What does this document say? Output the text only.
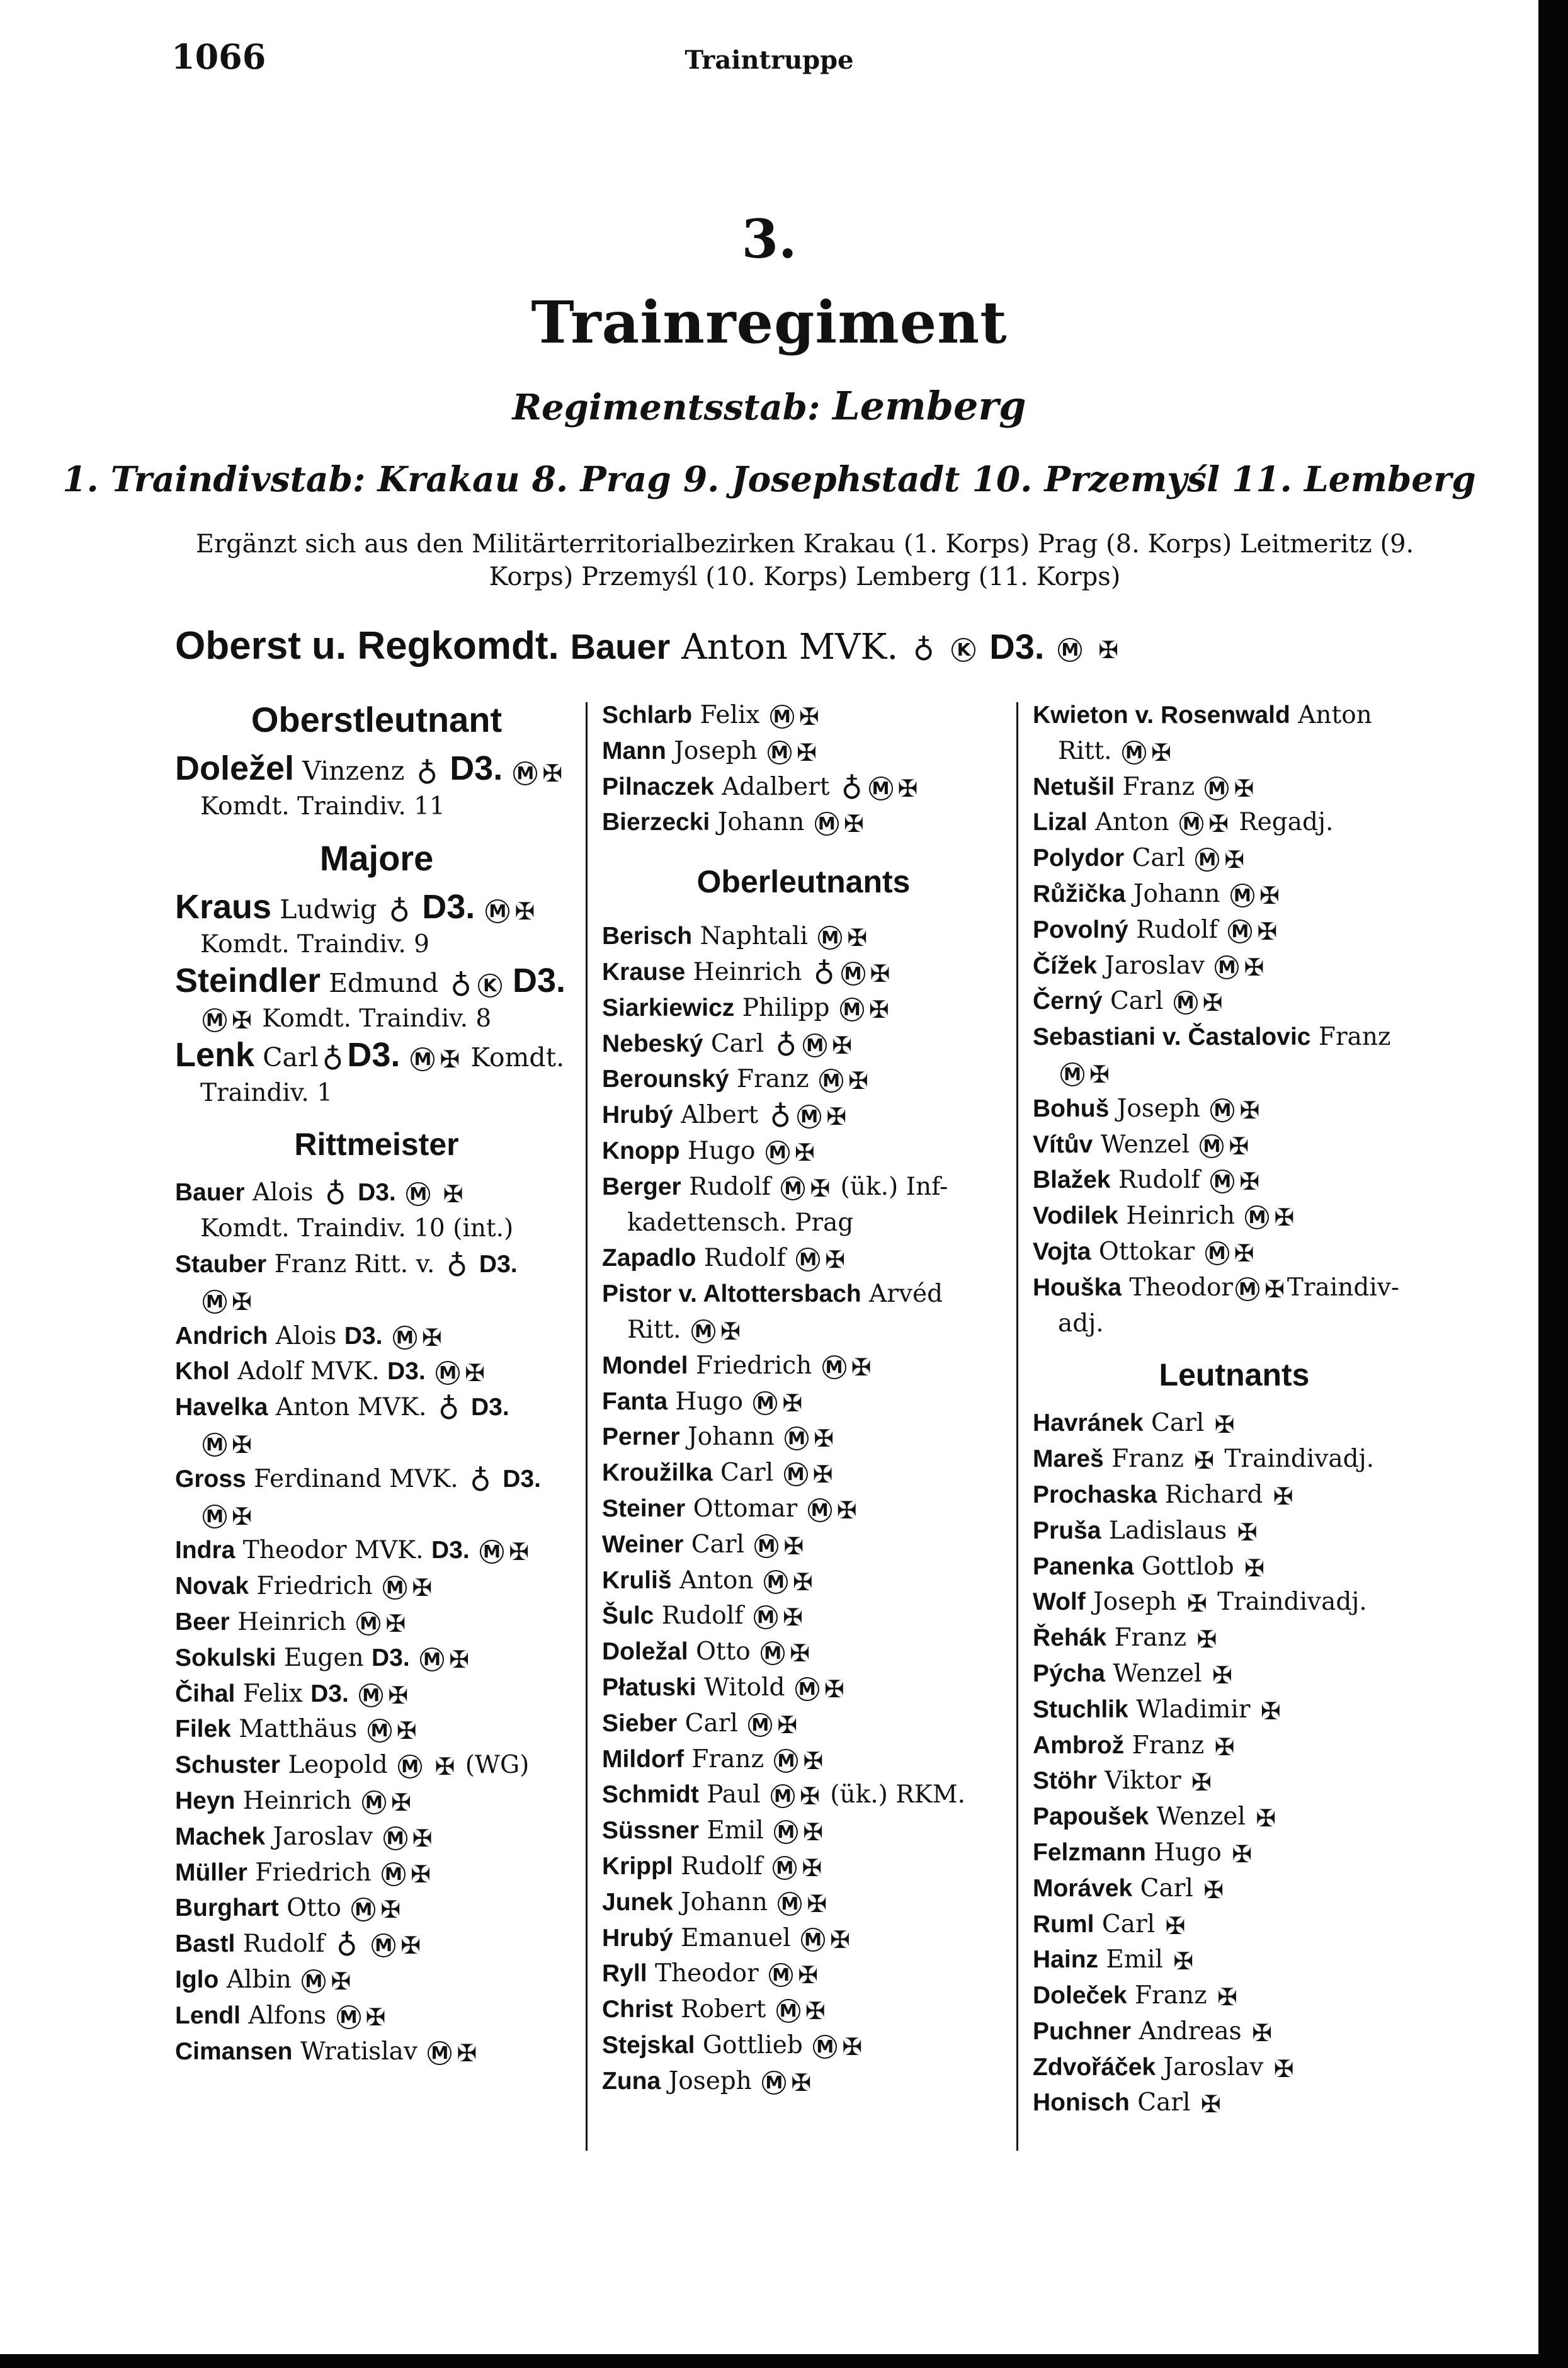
1066	Traintruppe
3.
Trainregiment
Regimentsstab: Lemberg
1. Traindivstab: Krakau 8. Prag 9. Josephstadt 10. Przemyśl 11. Lemberg
Ergänzt sich aus den Militärterritorialbezirken Krakau (1. Korps) Prag (8. Korps) Leitmeritz (9. Korps) Przemyśl (10. Korps) Lemberg (11. Korps)
Oberst u. Regkomdt. Bauer Anton MVK. ♁ K D3. M ✠
Oberstleutnant
Doležel Vinzenz ♁ D3. M ✠
Komdt. Traindiv. 11
Majore
Kraus Ludwig ♁ D3. M ✠
Komdt. Traindiv. 9
Steindler Edmund ♁ K D3.
M ✠ Komdt. Traindiv. 8
Lenk Carl ♁ D3. M ✠ Komdt.
Traindiv. 1
Rittmeister
Bauer Alois ♁ D3. M ✠
Komdt. Traindiv. 10 (int.)
Stauber Franz Ritt. v. ♁ D3.
M ✠
Andrich Alois D3. M ✠
Khol Adolf MVK. D3. M ✠
Havelka Anton MVK. ♁ D3.
M ✠
Gross Ferdinand MVK. ♁ D3.
M ✠
Indra Theodor MVK. D3. M ✠
Novak Friedrich M ✠
Beer Heinrich M ✠
Sokulski Eugen D3. M ✠
Čihal Felix D3. M ✠
Filek Matthäus M ✠
Schuster Leopold M ✠ (WG)
Heyn Heinrich M ✠
Machek Jaroslav M ✠
Müller Friedrich M ✠
Burghart Otto M ✠
Bastl Rudolf ♁ M ✠
Iglo Albin M ✠
Lendl Alfons M ✠
Cimansen Wratislav M ✠
Schlarb Felix M ✠
Mann Joseph M ✠
Pilnaczek Adalbert ♁ M ✠
Bierzecki Johann M ✠
Oberleutnants
Berisch Naphtali M ✠
Krause Heinrich ♁ M ✠
Siarkiewicz Philipp M ✠
Nebeský Carl ♁ M ✠
Berounský Franz M ✠
Hrubý Albert ♁ M ✠
Knopp Hugo M ✠
Berger Rudolf M ✠ (ük.) Inf-
kadettensch. Prag
Zapadlo Rudolf M ✠
Pistor v. Altottersbach Arvéd
Ritt. M ✠
Mondel Friedrich M ✠
Fanta Hugo M ✠
Perner Johann M ✠
Kroužilka Carl M ✠
Steiner Ottomar M ✠
Weiner Carl M ✠
Kruliš Anton M ✠
Šulc Rudolf M ✠
Doležal Otto M ✠
Płatuski Witold M ✠
Sieber Carl M ✠
Mildorf Franz M ✠
Schmidt Paul M ✠ (ük.) RKM.
Süssner Emil M ✠
Krippl Rudolf M ✠
Junek Johann M ✠
Hrubý Emanuel M ✠
Ryll Theodor M ✠
Christ Robert M ✠
Stejskal Gottlieb M ✠
Zuna Joseph M ✠
Kwieton v. Rosenwald Anton
Ritt. M ✠
Netušil Franz M ✠
Lizal Anton M ✠ Regadj.
Polydor Carl M ✠
Růžička Johann M ✠
Povolný Rudolf M ✠
Čížek Jaroslav M ✠
Černý Carl M ✠
Sebastiani v. Častalovic Franz
M ✠
Bohuš Joseph M ✠
Vítův Wenzel M ✠
Blažek Rudolf M ✠
Vodilek Heinrich M ✠
Vojta Ottokar M ✠
Houška Theodor M ✠ Traindiv-
adj.
Leutnants
Havránek Carl ✠
Mareš Franz ✠ Traindivadj.
Prochaska Richard ✠
Pruša Ladislaus ✠
Panenka Gottlob ✠
Wolf Joseph ✠ Traindivadj.
Řehák Franz ✠
Pýcha Wenzel ✠
Stuchlik Wladimir ✠
Ambrož Franz ✠
Stöhr Viktor ✠
Papoušek Wenzel ✠
Felzmann Hugo ✠
Morávek Carl ✠
Ruml Carl ✠
Hainz Emil ✠
Doleček Franz ✠
Puchner Andreas ✠
Zdvořáček Jaroslav ✠
Honisch Carl ✠
